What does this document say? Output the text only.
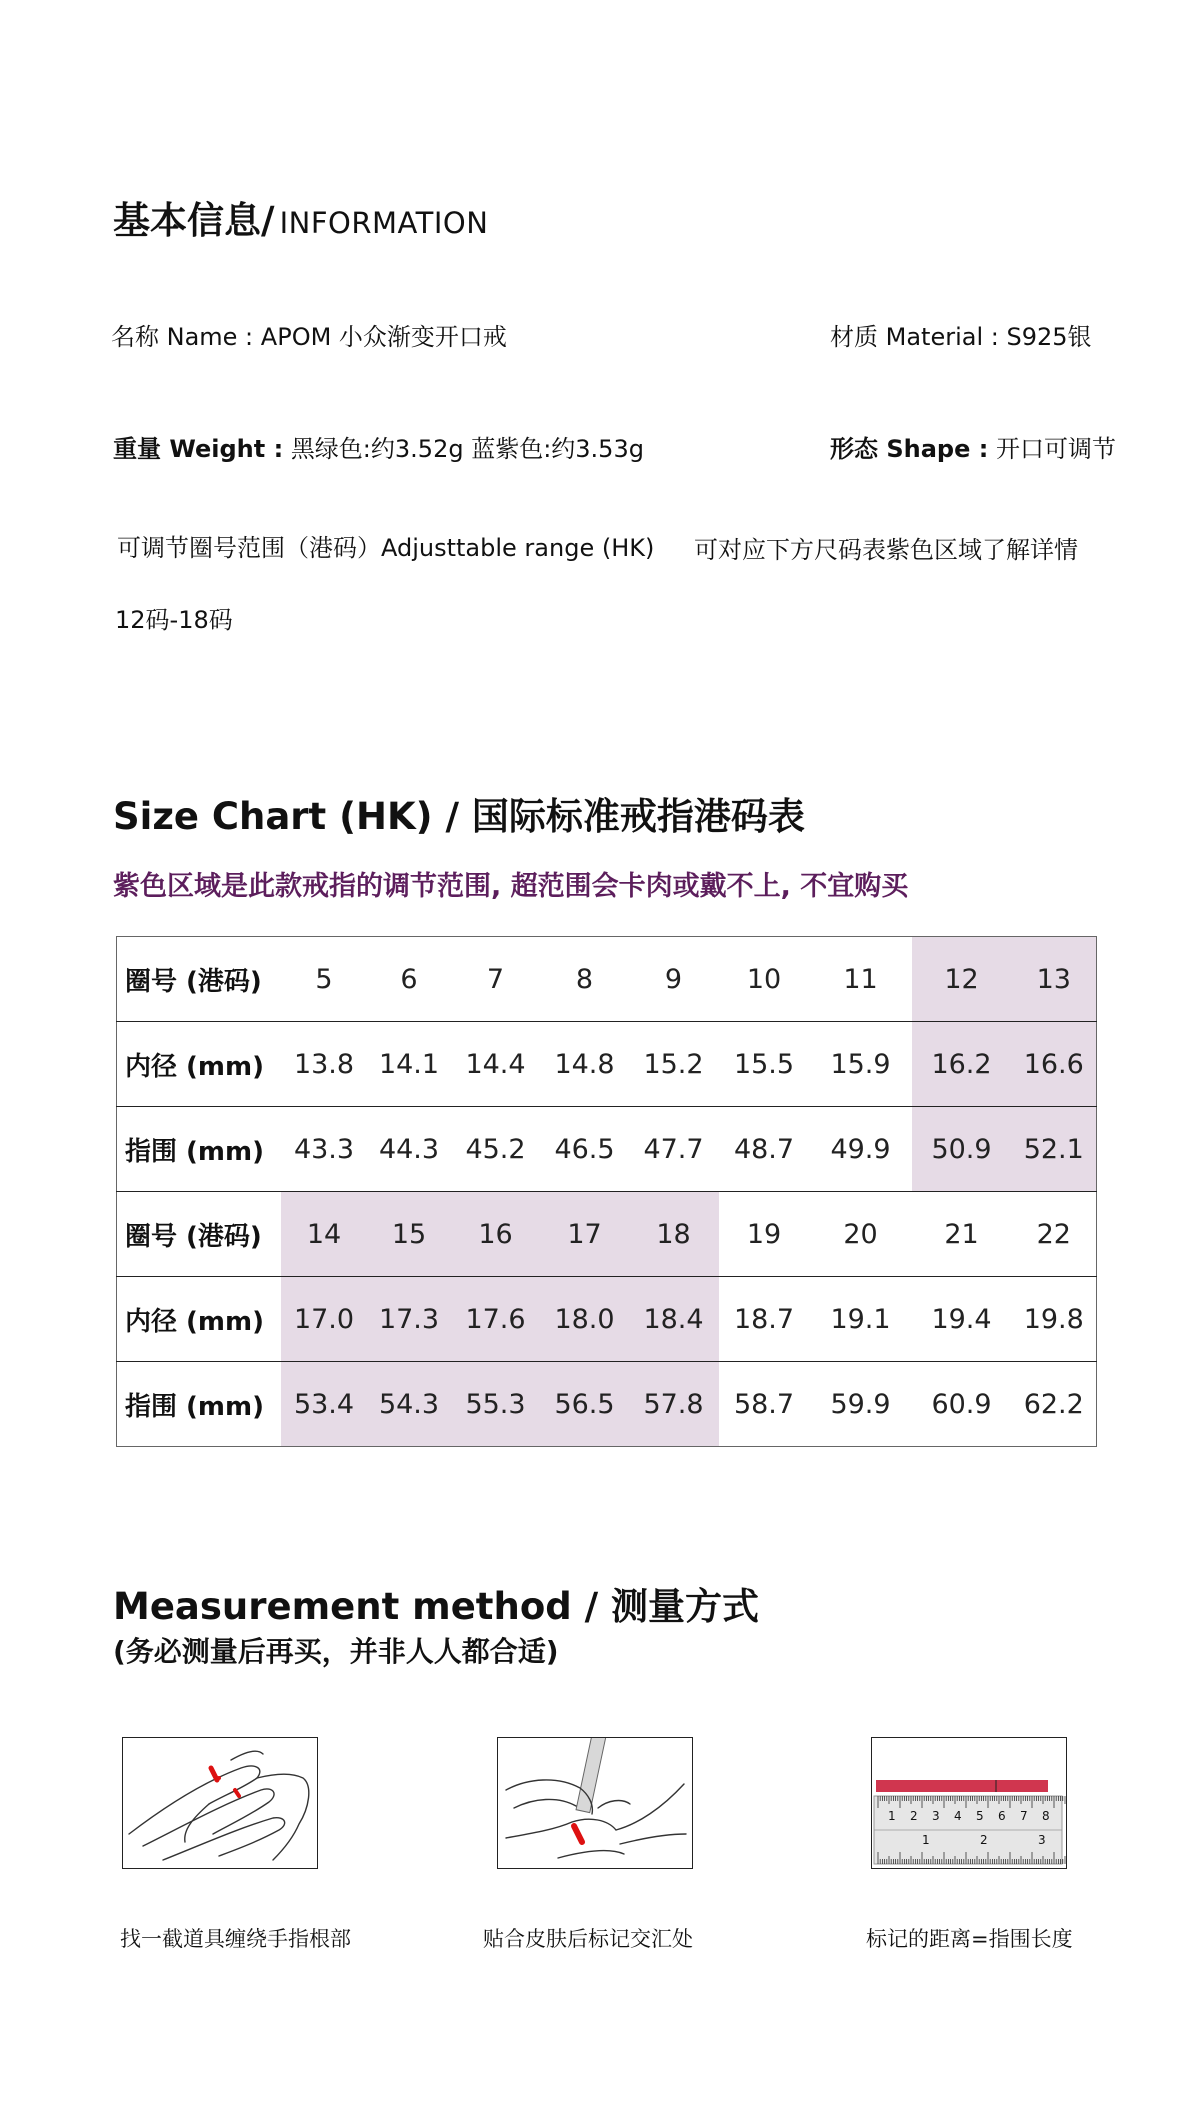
基本信息/ INFORMATION
名称 Name : APOM 小众渐变开口戒	材质 Material : S925银
重量 Weight : 黑绿色:约3.52g 蓝紫色:约3.53g	形态 Shape : 开口可调节
可调节圈号范围（港码）Adjusttable range (HK) 可对应下方尺码表紫色区域了解详情
12码-18码
Size Chart (HK) / 国际标准戒指港码表
紫色区域是此款戒指的调节范围, 超范围会卡肉或戴不上, 不宜购买
圈号 (港码)	5	6	7	8	9	10	11	12	13
内径 (mm)	13.8	14.1	14.4	14.8	15.2	15.5	15.9	16.2	16.6
指围 (mm)	43.3	44.3	45.2	46.5	47.7	48.7	49.9	50.9	52.1
圈号 (港码)	14	15	16	17	18	19	20	21	22
内径 (mm)	17.0	17.3	17.6	18.0	18.4	18.7	19.1	19.4	19.8
指围 (mm)	53.4	54.3	55.3	56.5	57.8	58.7	59.9	60.9	62.2
Measurement method / 测量方式
(务必测量后再买，并非人人都合适)
找一截道具缠绕手指根部	贴合皮肤后标记交汇处
1 2 3 4 5 6 7 8
1	2	3
标记的距离=指围长度
